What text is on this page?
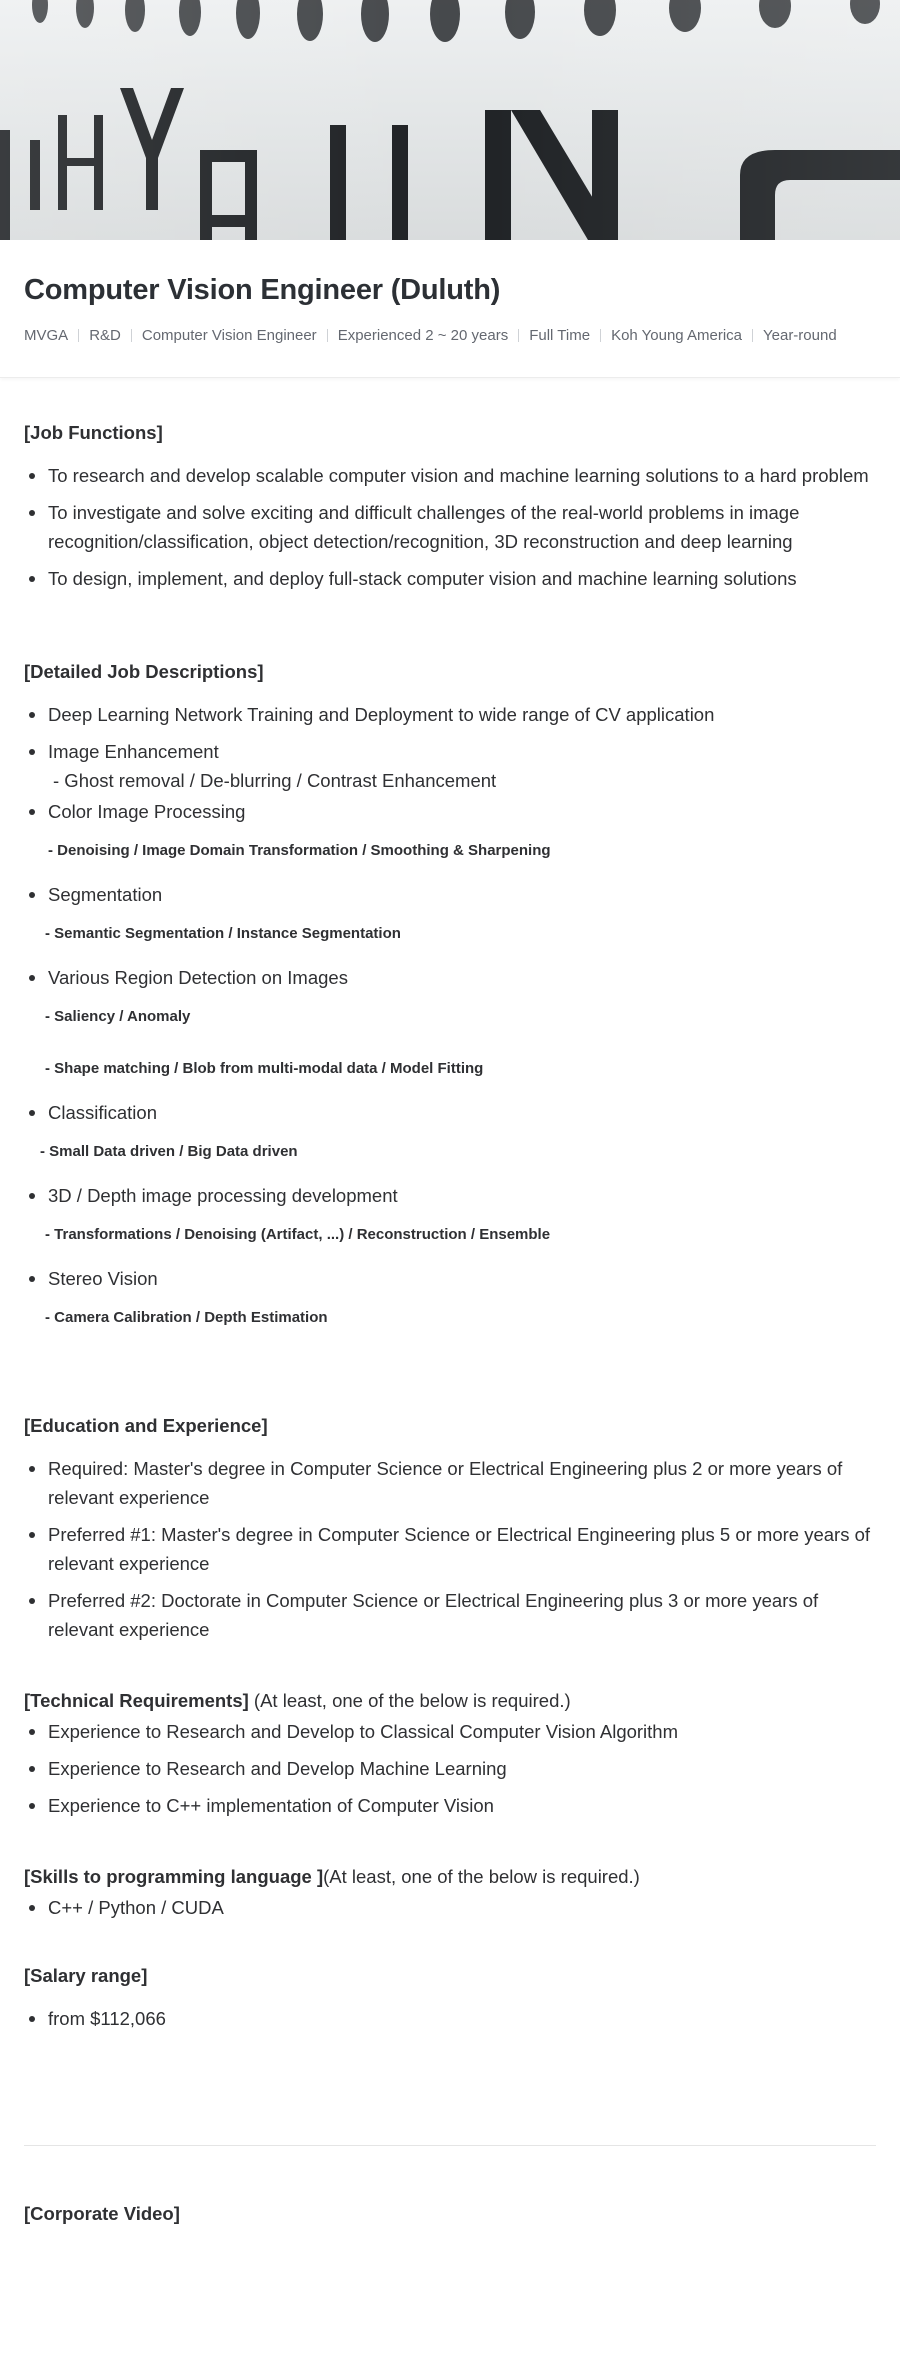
Computer Vision Engineer (Duluth)
MVGA R&D Computer Vision Engineer Experienced 2 ~ 20 years Full Time Koh Young America Year-round
[Job Functions]
To research and develop scalable computer vision and machine learning solutions to a hard problem
To investigate and solve exciting and difficult challenges of the real-world problems in image recognition/classification, object detection/recognition, 3D reconstruction and deep learning
To design, implement, and deploy full-stack computer vision and machine learning solutions
[Detailed Job Descriptions]
Deep Learning Network Training and Deployment to wide range of CV application
Image Enhancement
- Ghost removal / De-blurring / Contrast Enhancement
Color Image Processing
- Denoising / Image Domain Transformation / Smoothing & Sharpening
Segmentation
- Semantic Segmentation / Instance Segmentation
Various Region Detection on Images
- Saliency / Anomaly
- Shape matching / Blob from multi-modal data / Model Fitting
Classification
- Small Data driven / Big Data driven
3D / Depth image processing development
- Transformations / Denoising (Artifact, ...) / Reconstruction / Ensemble
Stereo Vision
- Camera Calibration / Depth Estimation
[Education and Experience]
Required: Master's degree in Computer Science or Electrical Engineering plus 2 or more years of relevant experience
Preferred #1: Master's degree in Computer Science or Electrical Engineering plus 5 or more years of relevant experience
Preferred #2: Doctorate in Computer Science or Electrical Engineering plus 3 or more years of relevant experience
[Technical Requirements] (At least, one of the below is required.)
Experience to Research and Develop to Classical Computer Vision Algorithm
Experience to Research and Develop Machine Learning
Experience to C++ implementation of Computer Vision
[Skills to programming language ](At least, one of the below is required.)
C++ / Python / CUDA
[Salary range]
from $112,066
[Corporate Video]
